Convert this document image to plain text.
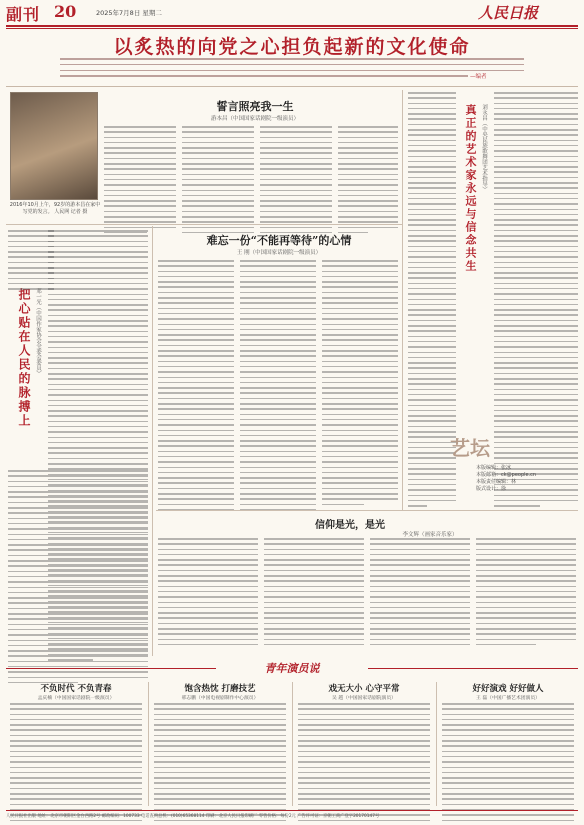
副刊 20	2025年7月8日 星期二	人民日报
以炙热的向党之心担负起新的文化使命
—编者
2016年10月上午，92岁的游本昌在家中写党的发言。 人民网 记者 摄
誓言照亮我一生
游本昌（中国国家话剧院一级演员）	真正的艺术家永远与信念共生 刘永昌（中央民族歌舞团艺术指导）
把心贴在人民的脉搏上 邓一光（中国作家协会全委会委员）
难忘一份“不能再等待”的心情
王 刚（中国国家话剧院一级演员）
艺坛
本版编辑：张冰
本版邮箱：ck@people.cn
本版责任编辑：林
版式设计：徐
信仰是光，是光
李文辉（画家音乐家）
青年演员说
不负时代 不负青春
孟庆楠（中国国家话剧院一级演员）
饱含热忱 打磨技艺
邢志鹏（中国电视剧制作中心演员）
戏无大小 心守平常
吴 越（中国国家话剧院演员）
好好演戏 好好做人
王 磊（中国广播艺术团演员）
人民日报社出版 地址：北京市朝阳区金台西路2号 邮政编码：100733 电话查询总机：(010)65368114 印刷：北京人民日报印刷厂 零售价格：每份2元 广告许可证：京朝工商广登字20170147号
